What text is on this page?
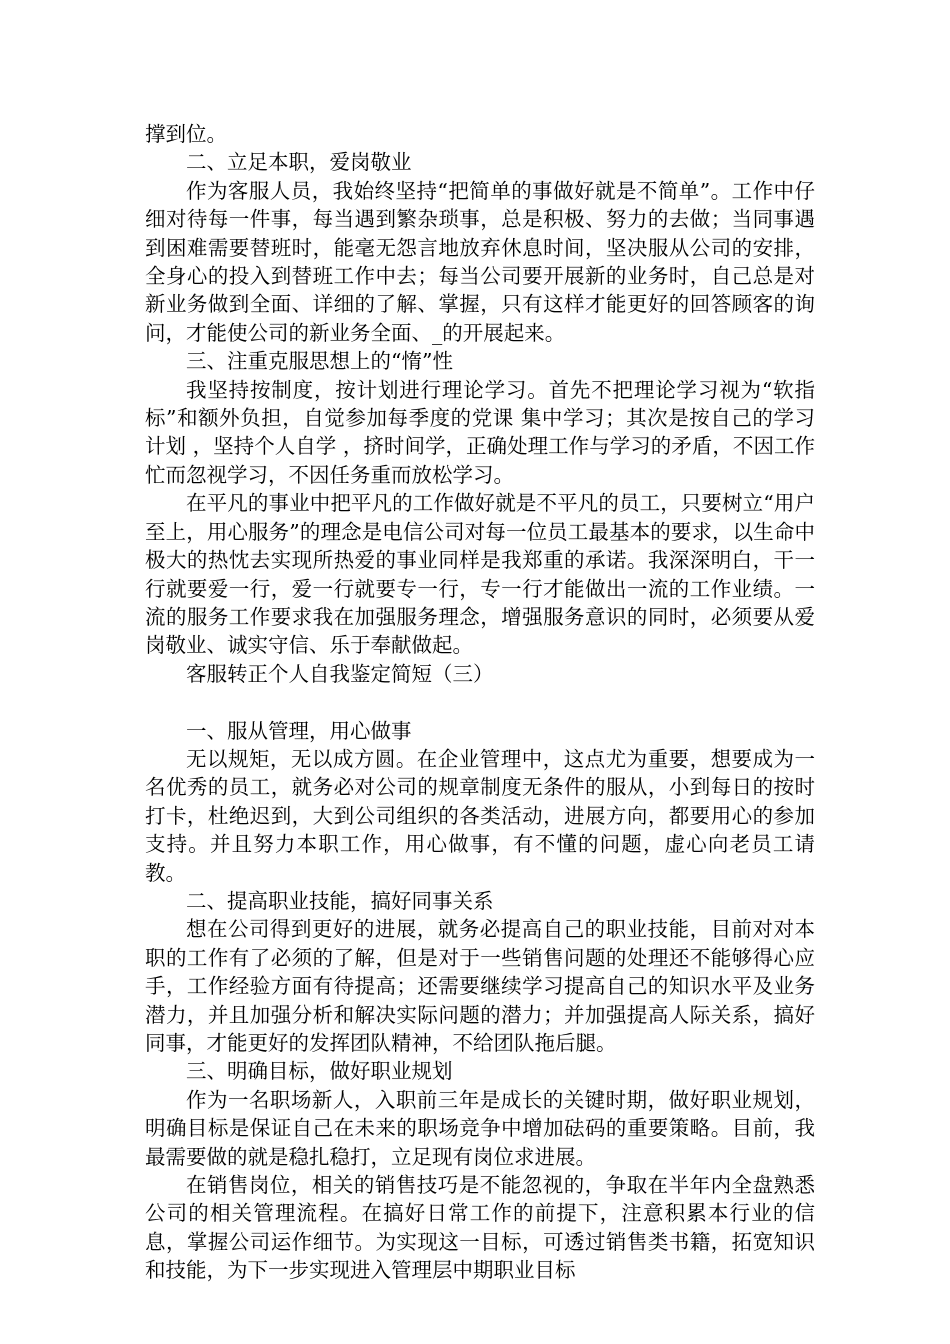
撑到位。

二、立足本职，爱岗敬业

作为客服人员，我始终坚持“把简单的事做好就是不简单”。工作中仔细对待每一件事，每当遇到繁杂琐事，总是积极、努力的去做；当同事遇到困难需要替班时，能毫无怨言地放弃休息时间，坚决服从公司的安排，全身心的投入到替班工作中去；每当公司要开展新的业务时，自己总是对新业务做到全面、详细的了解、掌握，只有这样才能更好的回答顾客的询问，才能使公司的新业务全面、_的开展起来。

三、注重克服思想上的“惰”性

我坚持按制度，按计划进行理论学习。首先不把理论学习视为“软指标”和额外负担，自觉参加每季度的党课 集中学习；其次是按自己的学习计划 ，坚持个人自学 ，挤时间学，正确处理工作与学习的矛盾，不因工作忙而忽视学习，不因任务重而放松学习。

在平凡的事业中把平凡的工作做好就是不平凡的员工，只要树立“用户至上，用心服务”的理念是电信公司对每一位员工最基本的要求，以生命中极大的热忱去实现所热爱的事业同样是我郑重的承诺。我深深明白，干一行就要爱一行，爱一行就要专一行，专一行才能做出一流的工作业绩。一流的服务工作要求我在加强服务理念，增强服务意识的同时，必须要从爱岗敬业、诚实守信、乐于奉献做起。

客服转正个人自我鉴定简短（三）

一、服从管理，用心做事

无以规矩，无以成方圆。在企业管理中，这点尤为重要，想要成为一名优秀的员工，就务必对公司的规章制度无条件的服从，小到每日的按时打卡，杜绝迟到，大到公司组织的各类活动，进展方向，都要用心的参加支持。并且努力本职工作，用心做事，有不懂的问题，虚心向老员工请教。

二、提高职业技能，搞好同事关系

想在公司得到更好的进展，就务必提高自己的职业技能，目前对对本职的工作有了必须的了解，但是对于一些销售问题的处理还不能够得心应手，工作经验方面有待提高；还需要继续学习提高自己的知识水平及业务潜力，并且加强分析和解决实际问题的潜力；并加强提高人际关系，搞好同事，才能更好的发挥团队精神，不给团队拖后腿。

三、明确目标，做好职业规划

作为一名职场新人，入职前三年是成长的关键时期，做好职业规划，明确目标是保证自己在未来的职场竞争中增加砝码的重要策略。目前，我最需要做的就是稳扎稳打，立足现有岗位求进展。

在销售岗位，相关的销售技巧是不能忽视的，争取在半年内全盘熟悉公司的相关管理流程。在搞好日常工作的前提下，注意积累本行业的信息，掌握公司运作细节。为实现这一目标，可透过销售类书籍，拓宽知识和技能，为下一步实现进入管理层中期职业目标
